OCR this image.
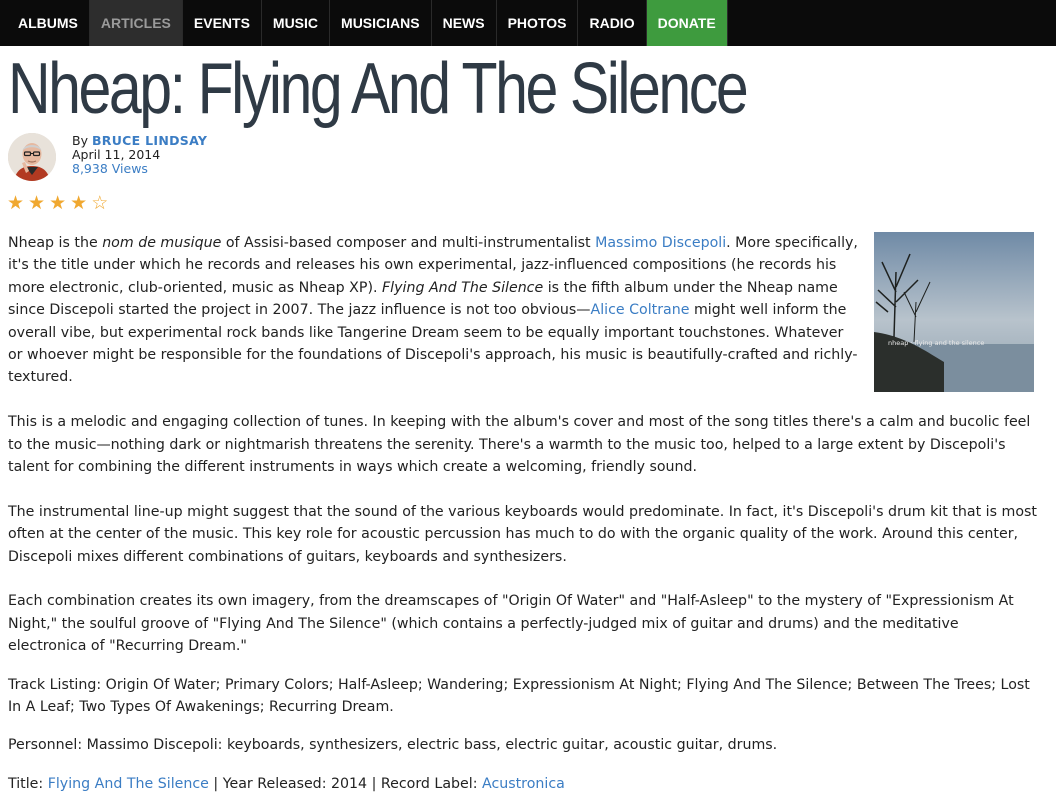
ALBUMS	ARTICLES	EVENTS	MUSIC	MUSICIANS	NEWS	PHOTOS	RADIO	DONATE
Nheap: Flying And The Silence
By BRUCE LINDSAY
April 11, 2014
8,938 Views
★ ★ ★ ★ ☆
nheap · flying and the silence

Nheap is the nom de musique of Assisi-based composer and multi-instrumentalist Massimo Discepoli. More specifically, it's the title under which he records and releases his own experimental, jazz-influenced compositions (he records his more electronic, club-oriented, music as Nheap XP). Flying And The Silence is the fifth album under the Nheap name since Discepoli started the project in 2007. The jazz influence is not too obvious—Alice Coltrane might well inform the overall vibe, but experimental rock bands like Tangerine Dream seem to be equally important touchstones. Whatever or whoever might be responsible for the foundations of Discepoli's approach, his music is beautifully-crafted and richly-textured.

This is a melodic and engaging collection of tunes. In keeping with the album's cover and most of the song titles there's a calm and bucolic feel to the music—nothing dark or nightmarish threatens the serenity. There's a warmth to the music too, helped to a large extent by Discepoli's talent for combining the different instruments in ways which create a welcoming, friendly sound.

The instrumental line-up might suggest that the sound of the various keyboards would predominate. In fact, it's Discepoli's drum kit that is most often at the center of the music. This key role for acoustic percussion has much to do with the organic quality of the work. Around this center, Discepoli mixes different combinations of guitars, keyboards and synthesizers.

Each combination creates its own imagery, from the dreamscapes of "Origin Of Water" and "Half-Asleep" to the mystery of "Expressionism At Night," the soulful groove of "Flying And The Silence" (which contains a perfectly-judged mix of guitar and drums) and the meditative electronica of "Recurring Dream."

Track Listing: Origin Of Water; Primary Colors; Half-Asleep; Wandering; Expressionism At Night; Flying And The Silence; Between The Trees; Lost In A Leaf; Two Types Of Awakenings; Recurring Dream.

Personnel: Massimo Discepoli: keyboards, synthesizers, electric bass, electric guitar, acoustic guitar, drums.

Title: Flying And The Silence | Year Released: 2014 | Record Label: Acustronica
